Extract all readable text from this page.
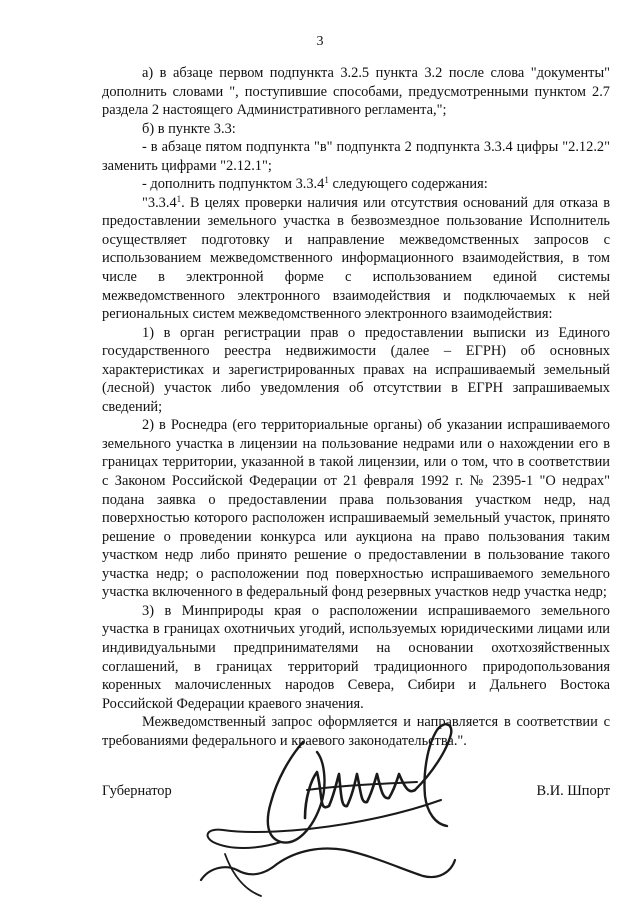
3

а) в абзаце первом подпункта 3.2.5 пункта 3.2 после слова "документы" дополнить словами ", поступившие способами, предусмотренными пунктом 2.7 раздела 2 настоящего Административного регламента,";

б) в пункте 3.3:

- в абзаце пятом подпункта "в" подпункта 2 подпункта 3.3.4 цифры "2.12.2" заменить цифрами "2.12.1";

- дополнить подпунктом 3.3.4$^1$ следующего содержания:

"3.3.4$^1$. В целях проверки наличия или отсутствия оснований для отказа в предоставлении земельного участка в безвозмездное пользование Исполнитель осуществляет подготовку и направление межведомственных запросов с использованием межведомственного информационного взаимодействия, в том числе в электронной форме с использованием единой системы межведомственного электронного взаимодействия и подключаемых к ней региональных систем межведомственного электронного взаимодействия:

1) в орган регистрации прав о предоставлении выписки из Единого государственного реестра недвижимости (далее – ЕГРН) об основных характеристиках и зарегистрированных правах на испрашиваемый земельный (лесной) участок либо уведомления об отсутствии в ЕГРН запрашиваемых сведений;

2) в Роснедра (его территориальные органы) об указании испрашиваемого земельного участка в лицензии на пользование недрами или о нахождении его в границах территории, указанной в такой лицензии, или о том, что в соответствии с Законом Российской Федерации от 21 февраля 1992 г. № 2395-1 "О недрах" подана заявка о предоставлении права пользования участком недр, над поверхностью которого расположен испрашиваемый земельный участок, принято решение о проведении конкурса или аукциона на право пользования таким участком недр либо принято решение о предоставлении в пользование такого участка недр; о расположении под поверхностью испрашиваемого земельного участка включенного в федеральный фонд резервных участков недр участка недр;

3) в Минприроды края о расположении испрашиваемого земельного участка в границах охотничьих угодий, используемых юридическими лицами или индивидуальными предпринимателями на основании охотхозяйственных соглашений, в границах территорий традиционного природопользования коренных малочисленных народов Севера, Сибири и Дальнего Востока Российской Федерации краевого значения.

Межведомственный запрос оформляется и направляется в соответствии с требованиями федерального и краевого законодательства.".

Губернатор	В.И. Шпорт
